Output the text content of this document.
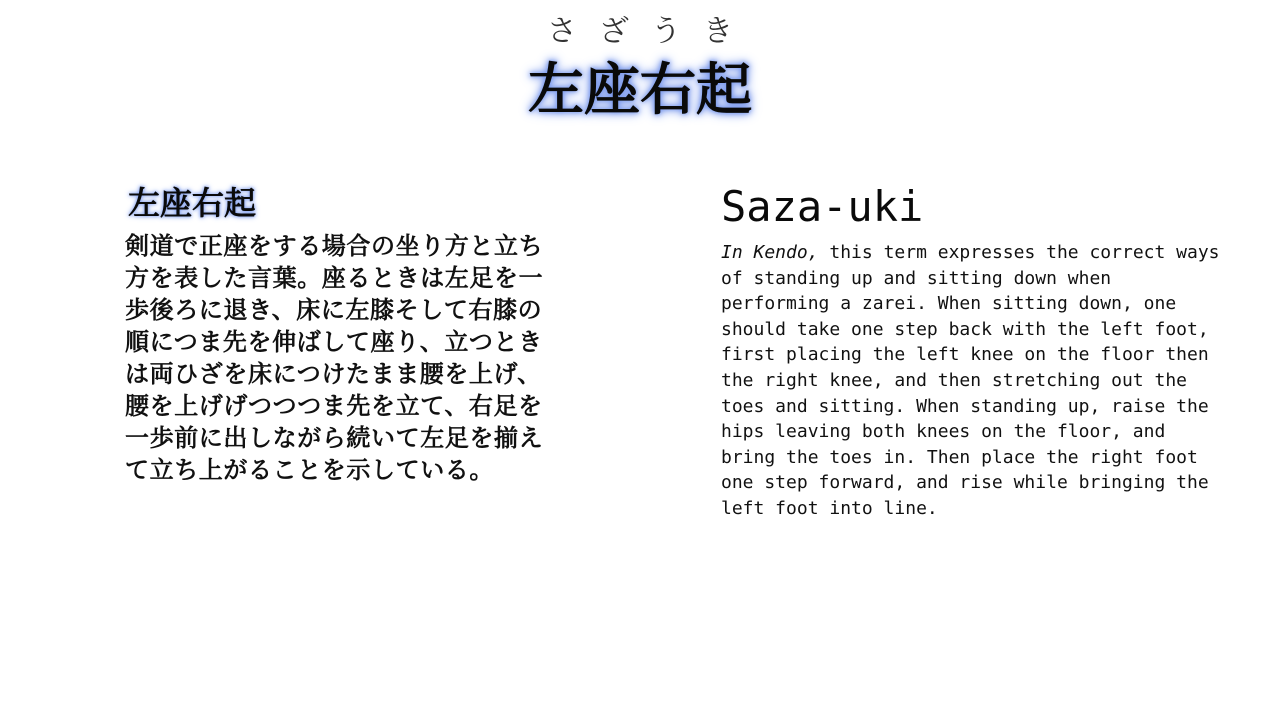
さざうき
左座右起
左座右起

剣道で正座をする場合の坐り方と立ち方を表した言葉。座るときは左足を一歩後ろに退き、床に左膝そして右膝の順につま先を伸ばして座り、立つときは両ひざを床につけたまま腰を上げ、腰を上げげつつつま先を立て、右足を一歩前に出しながら続いて左足を揃えて立ち上がることを示している。

Saza-uki

In Kendo, this term expresses the correct ways of standing up and sitting down when performing a zarei. When sitting down, one should take one step back with the left foot, first placing the left knee on the floor then the right knee, and then stretching out the toes and sitting. When standing up, raise the hips leaving both knees on the floor, and bring the toes in. Then place the right foot one step forward, and rise while bringing the left foot into line.
